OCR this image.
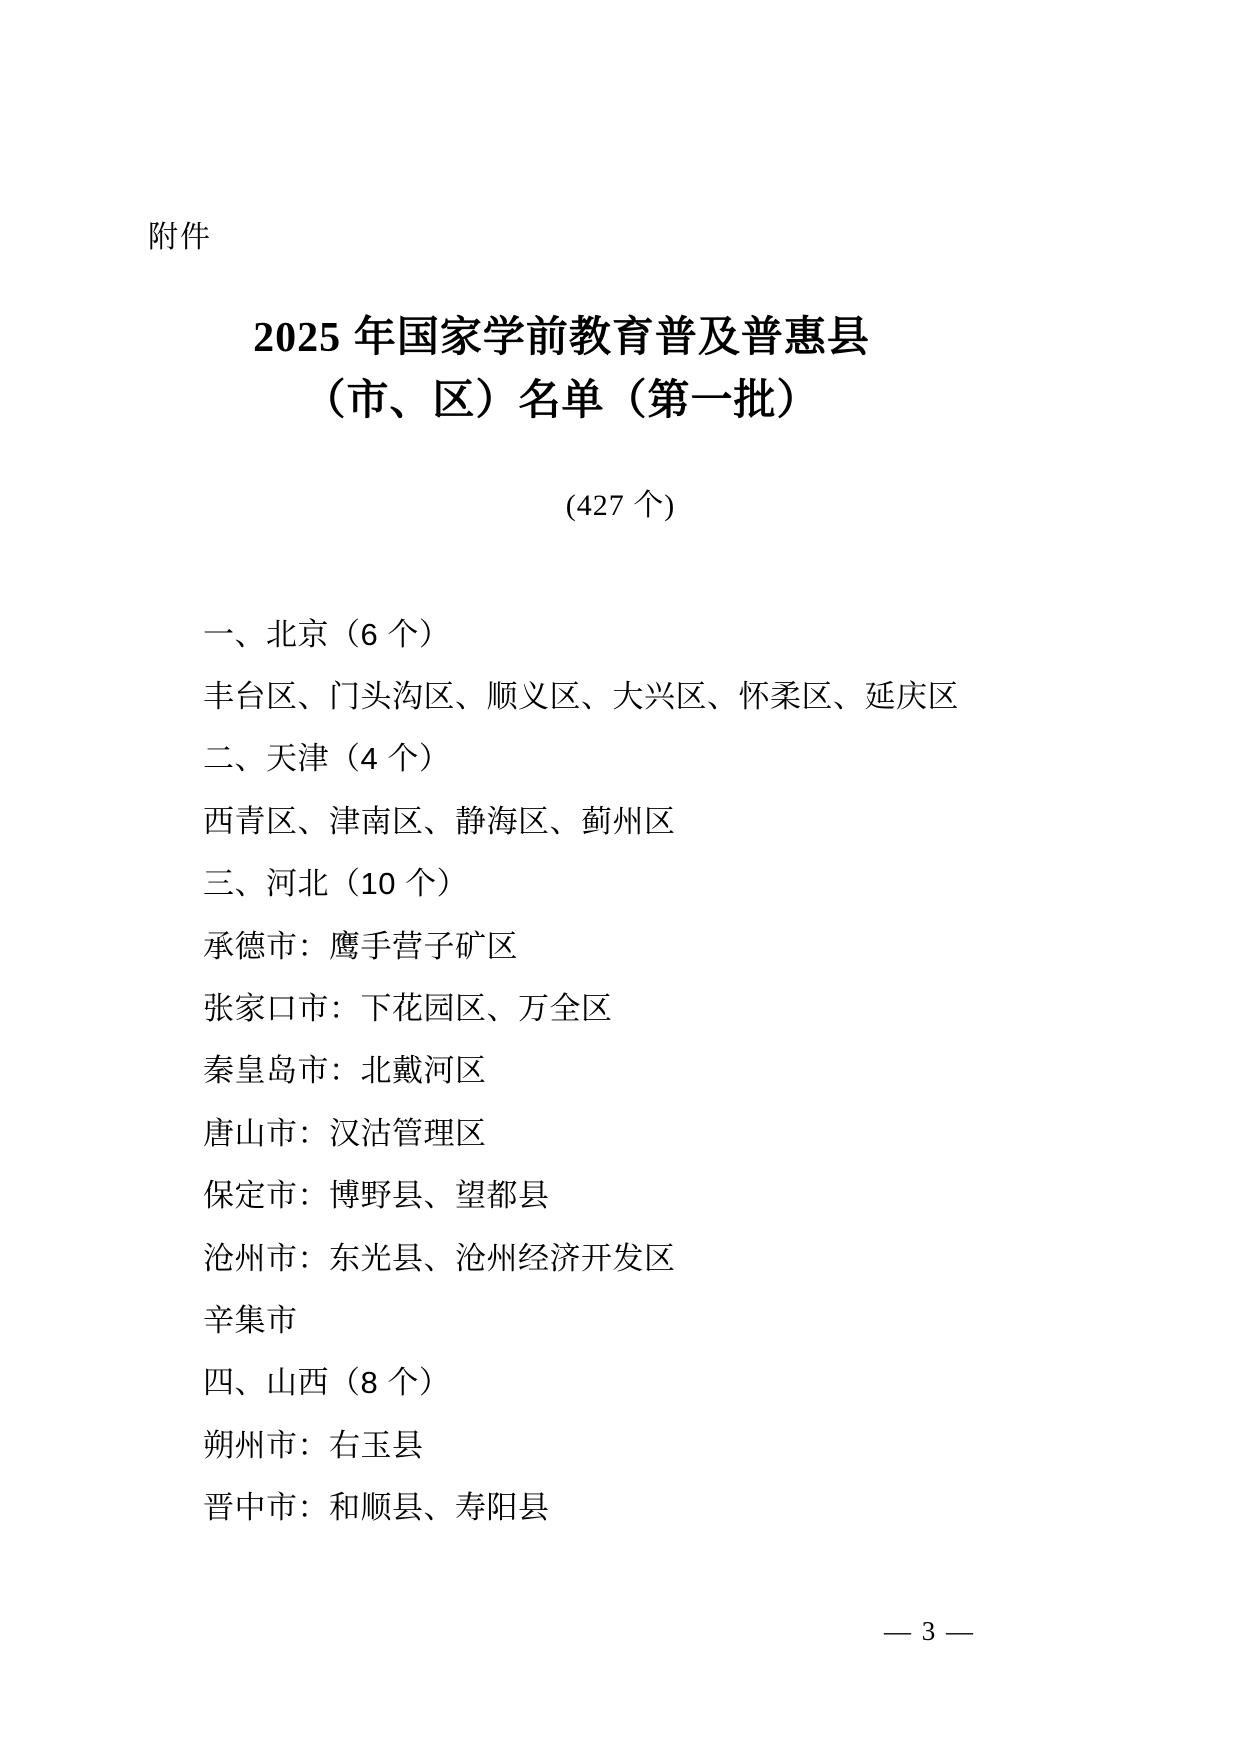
附件
2025 年国家学前教育普及普惠县
（市、区）名单（第一批）
(427 个)
一、北京（6 个）
丰台区、门头沟区、顺义区、大兴区、怀柔区、延庆区
二、天津（4 个）
西青区、津南区、静海区、蓟州区
三、河北（10 个）
承德市：鹰手营子矿区
张家口市：下花园区、万全区
秦皇岛市：北戴河区
唐山市：汉沽管理区
保定市：博野县、望都县
沧州市：东光县、沧州经济开发区
辛集市
四、山西（8 个）
朔州市：右玉县
晋中市：和顺县、寿阳县
— 3 —
